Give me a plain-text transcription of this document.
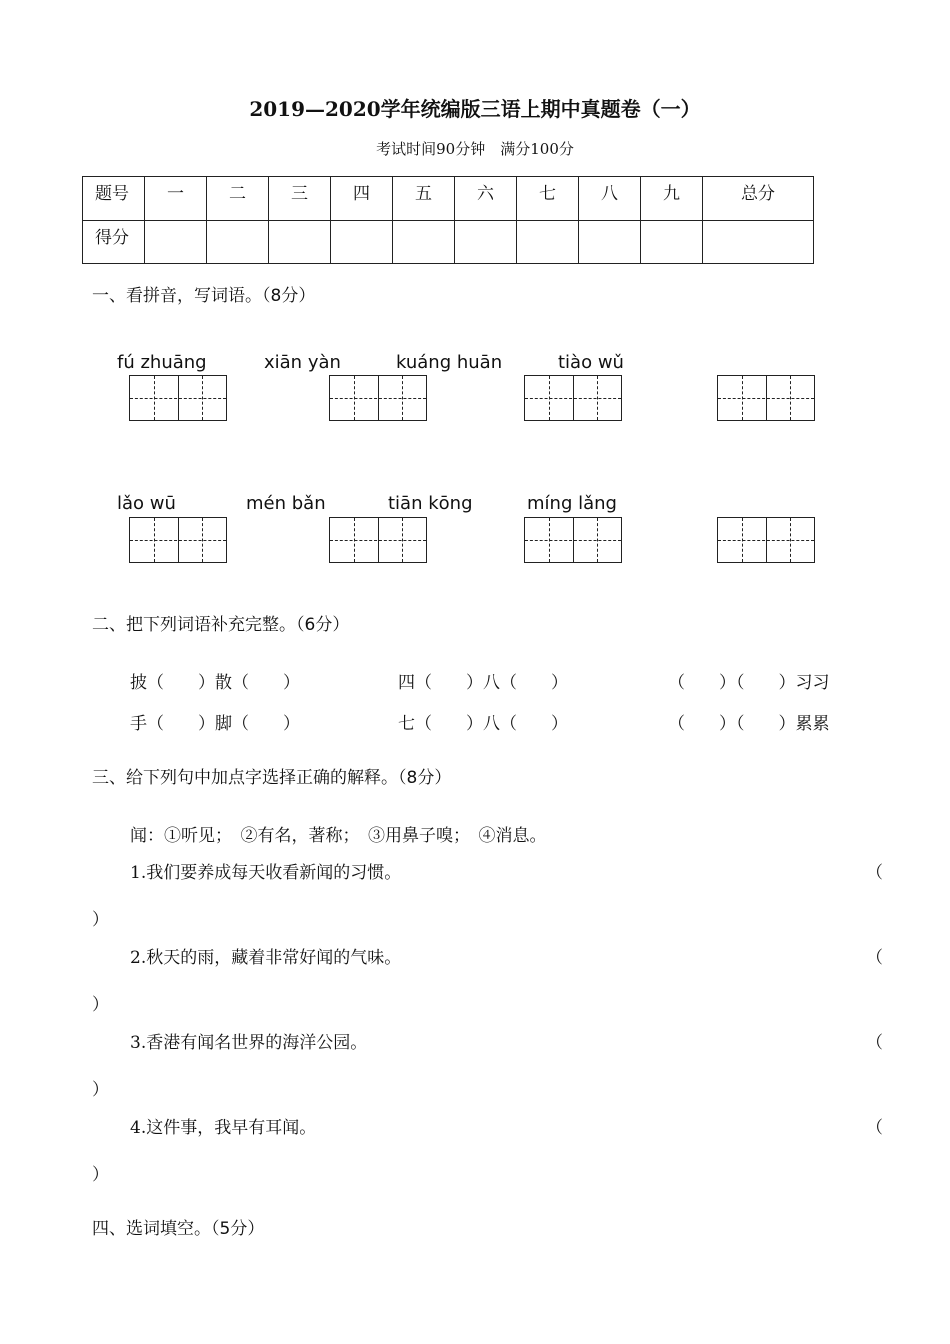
2019—2020学年统编版三语上期中真题卷（一）
考试时间90分钟　满分100分
题号	一	二	三	四	五	六	七	八	九	总分
得分										
一、看拼音，写词语。（8分）
fú zhuāng	xiān yàn	kuáng huān	tiào wǔ
lǎo wū	mén bǎn	tiān kōng	míng lǎng
二、把下列词语补充完整。（6分）
披（　　）散（　　）	四（　　）八（　　）	（　　）（　　）习习
手（　　）脚（　　）	七（　　）八（　　）	（　　）（　　）累累
三、给下列句中加点字选择正确的解释。（8分）
闻：①听见；　②有名，著称；　③用鼻子嗅；　④消息。
1.我们要养成每天收看新闻的习惯。	（
）
2.秋天的雨，藏着非常好闻的气味。	（
）
3.香港有闻名世界的海洋公园。	（
）
4.这件事，我早有耳闻。	（
）
四、选词填空。（5分）
